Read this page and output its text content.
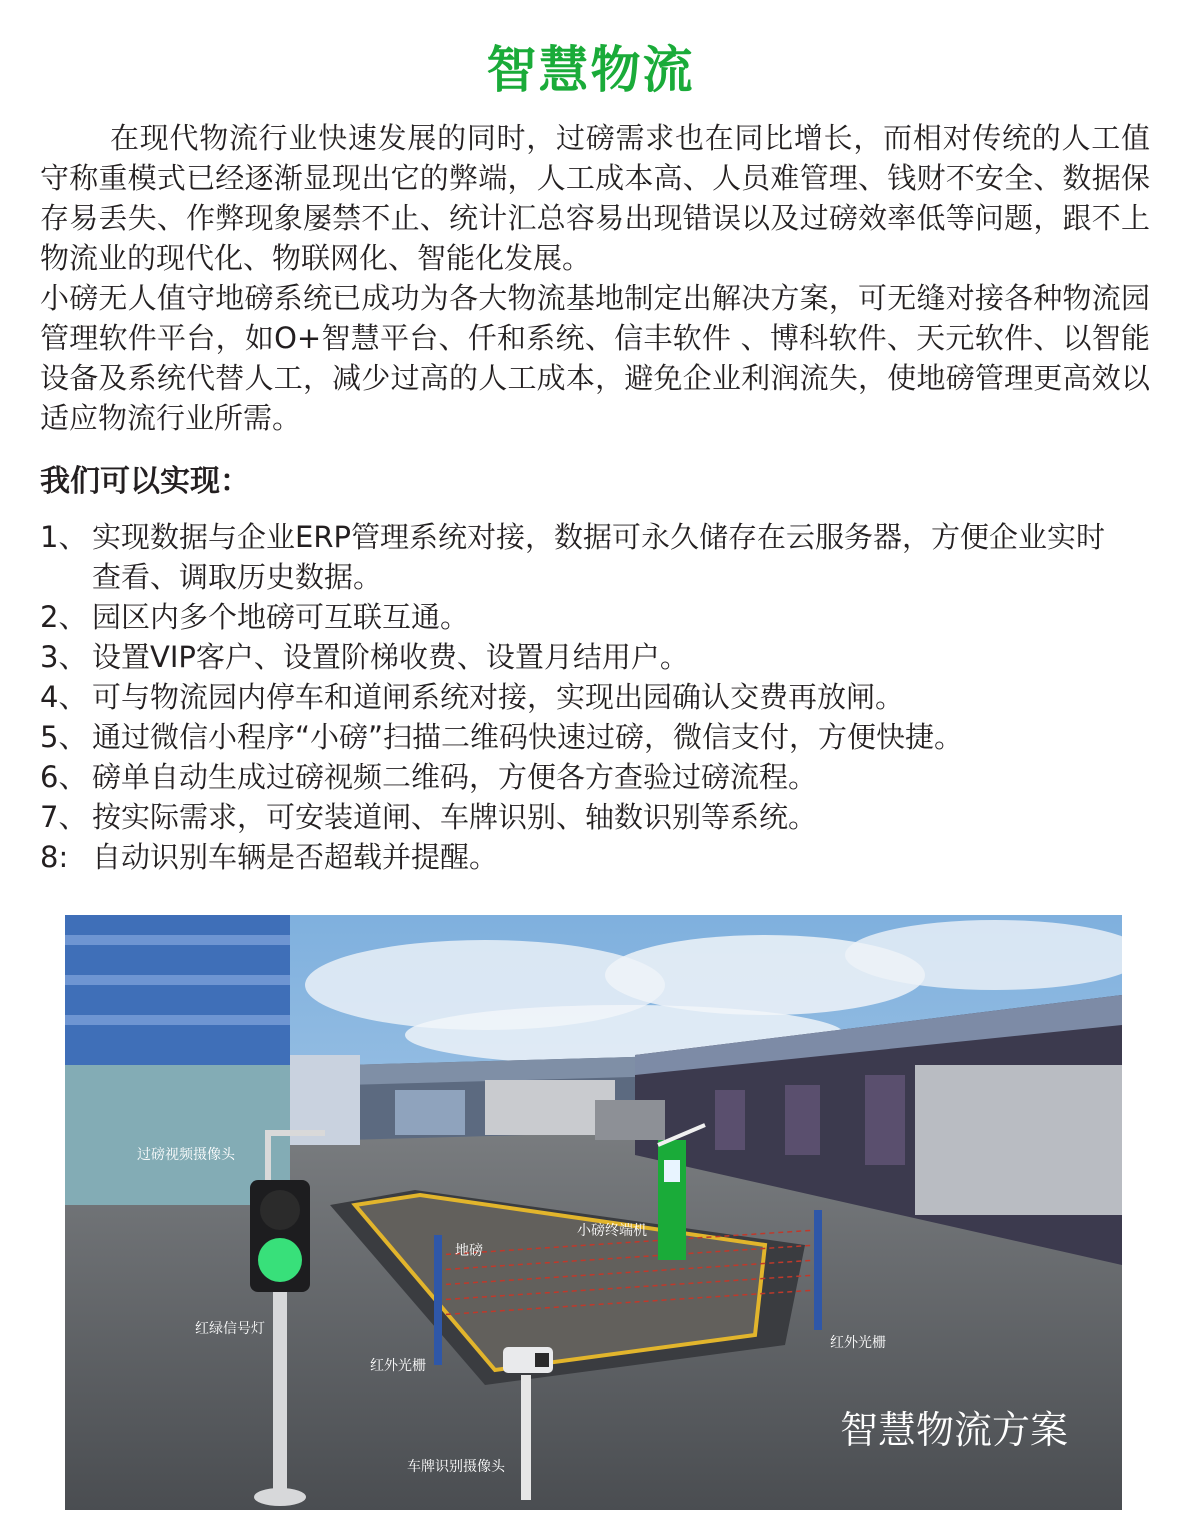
智慧物流

在现代物流行业快速发展的同时，过磅需求也在同比增长，而相对传统的人工值守称重模式已经逐渐显现出它的弊端，人工成本高、人员难管理、钱财不安全、数据保存易丢失、作弊现象屡禁不止、统计汇总容易出现错误以及过磅效率低等问题，跟不上物流业的现代化、物联网化、智能化发展。

小磅无人值守地磅系统已成功为各大物流基地制定出解决方案，可无缝对接各种物流园管理软件平台，如O+智慧平台、仟和系统、信丰软件 、博科软件、天元软件、以智能设备及系统代替人工，减少过高的人工成本，避免企业利润流失，使地磅管理更高效以适应物流行业所需。

我们可以实现：
1、 实现数据与企业ERP管理系统对接，数据可永久储存在云服务器，方便企业实时查看、调取历史数据。
2、 园区内多个地磅可互联互通。
3、 设置VIP客户、设置阶梯收费、设置月结用户。
4、 可与物流园内停车和道闸系统对接，实现出园确认交费再放闸。
5、 通过微信小程序“小磅”扫描二维码快速过磅，微信支付，方便快捷。
6、 磅单自动生成过磅视频二维码，方便各方查验过磅流程。
7、 按实际需求，可安装道闸、车牌识别、轴数识别等系统。
8: 自动识别车辆是否超载并提醒。
过磅视频摄像头
地磅
小磅终端机
红绿信号灯
红外光栅
红外光栅
车牌识别摄像头
智慧物流方案
